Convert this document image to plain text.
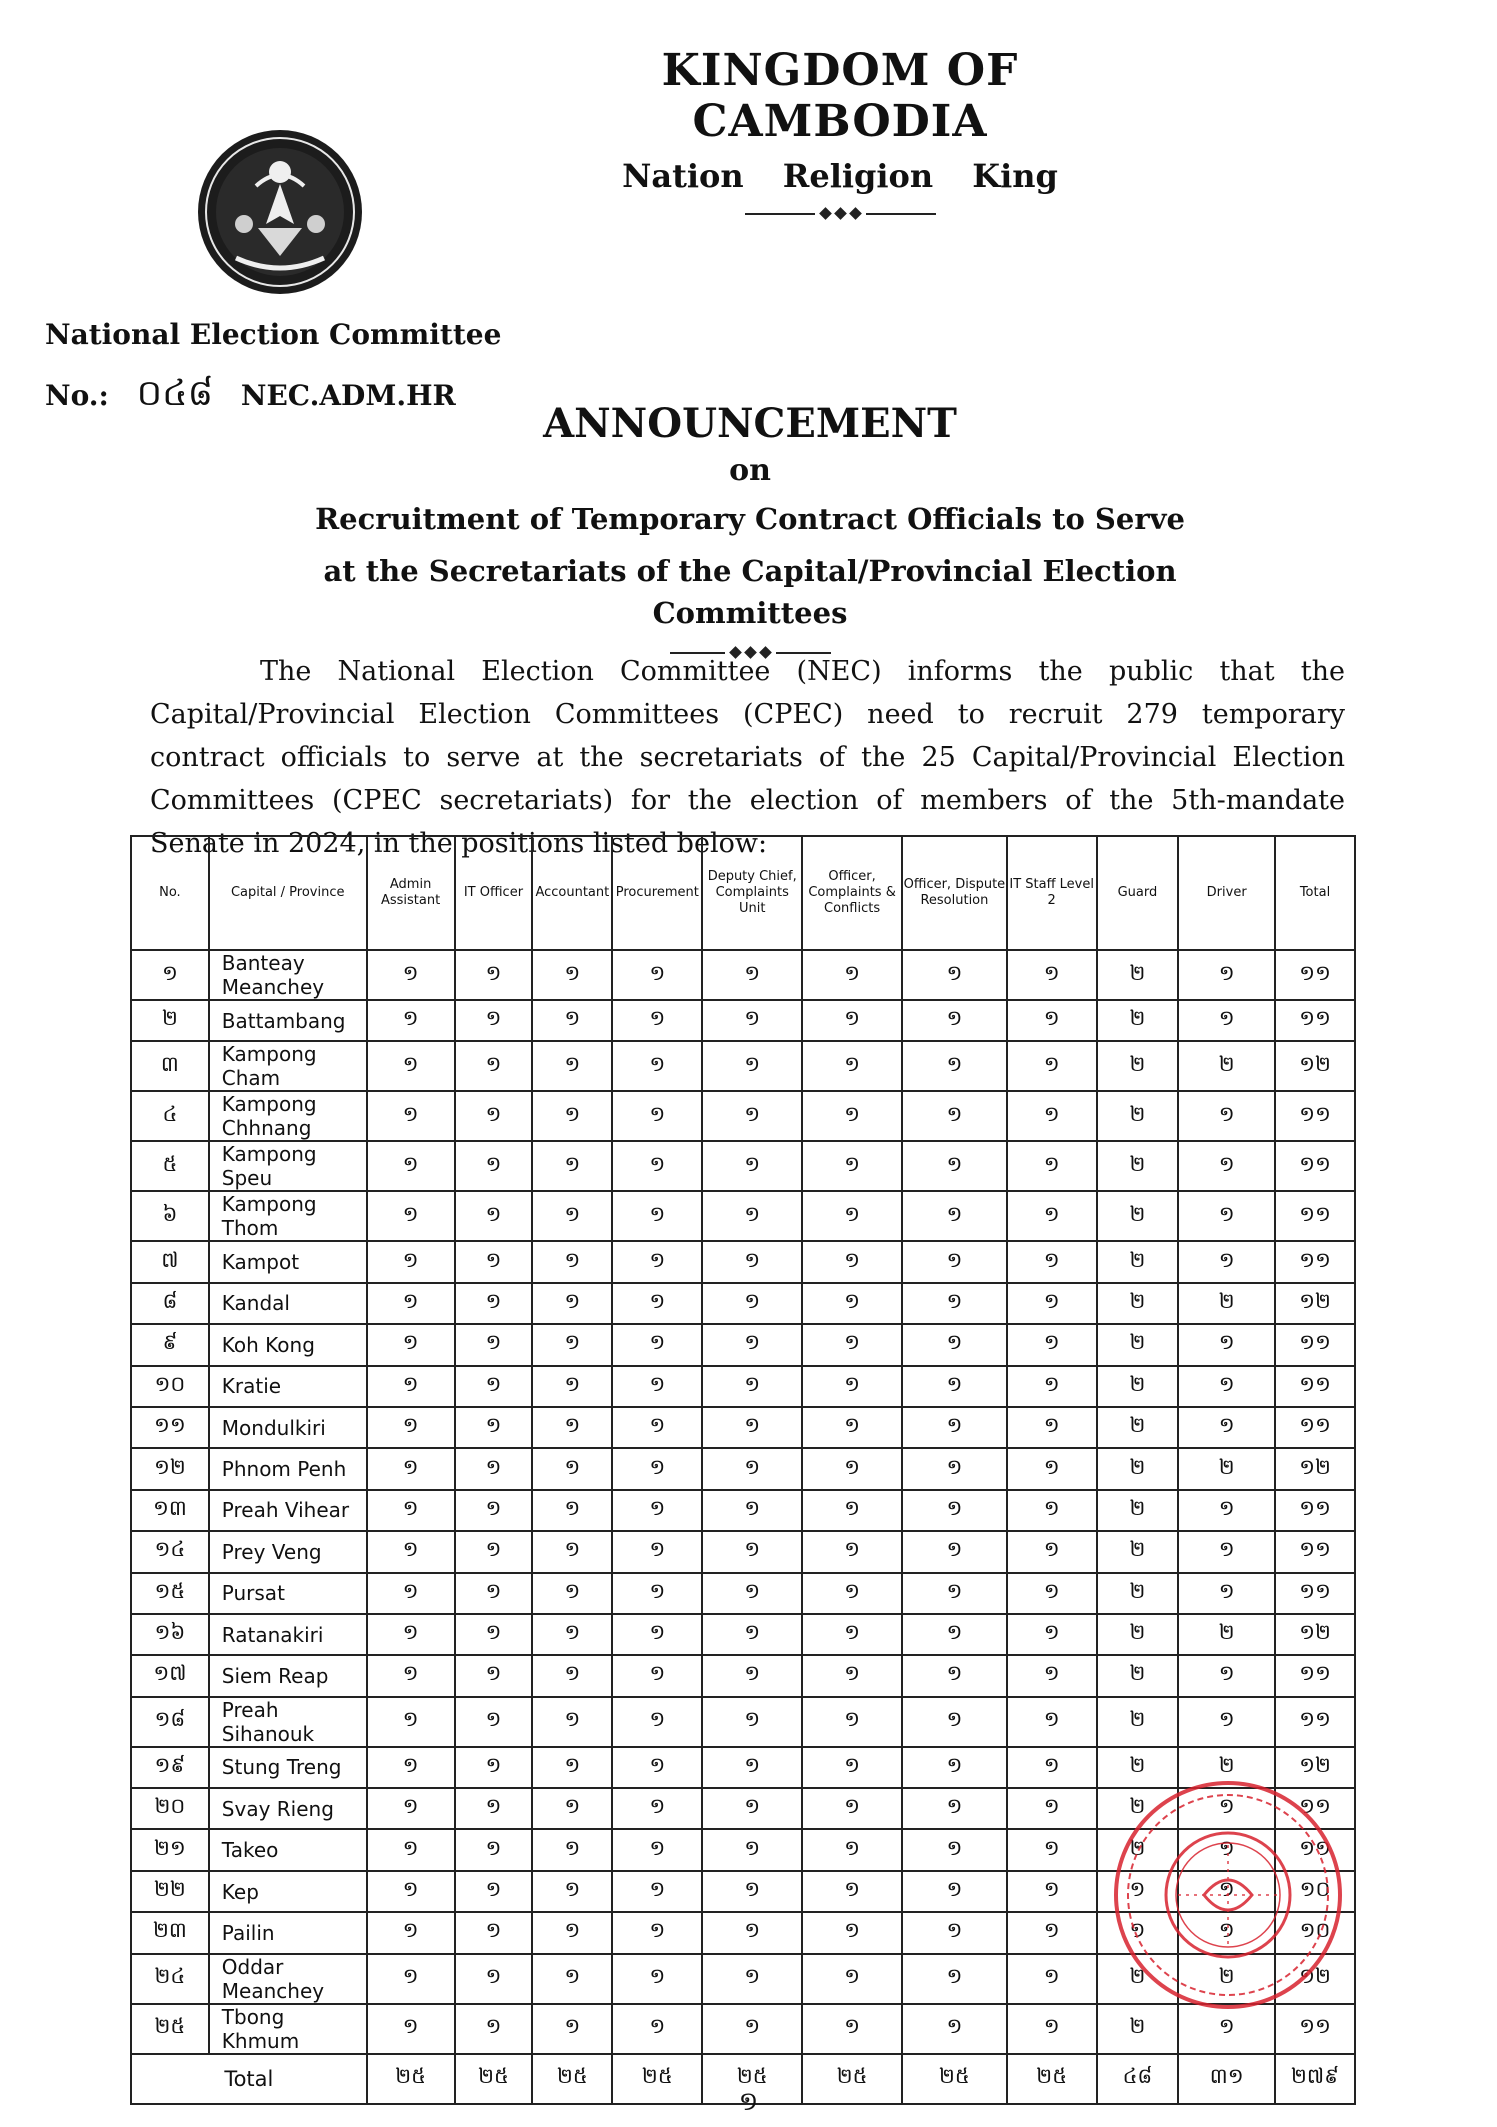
KINGDOM OF CAMBODIA
Nation Religion King
National Election Committee
No.: ០៤៨ NEC.ADM.HR
ANNOUNCEMENT
on
Recruitment of Temporary Contract Officials to Serve
at the Secretariats of the Capital/Provincial Election Committees
The National Election Committee (NEC) informs the public that the Capital/Provincial Election Committees (CPEC) need to recruit 279 temporary contract officials to serve at the secretariats of the 25 Capital/Provincial Election Committees (CPEC secretariats) for the election of members of the 5th-mandate Senate in 2024, in the positions listed below:
No.	Capital / Province	Admin Assistant	IT Officer	Accountant	Procurement	Deputy Chief, Complaints Unit	Officer, Complaints & Conflicts	Officer, Dispute Resolution	IT Staff Level 2	Guard	Driver	Total
១	Banteay Meanchey	១	១	១	១	១	១	១	១	២	១	១១
២	Battambang	១	១	១	១	១	១	១	១	២	១	១១
៣	Kampong Cham	១	១	១	១	១	១	១	១	២	២	១២
៤	Kampong Chhnang	១	១	១	១	១	១	១	១	២	១	១១
៥	Kampong Speu	១	១	១	១	១	១	១	១	២	១	១១
៦	Kampong Thom	១	១	១	១	១	១	១	១	២	១	១១
៧	Kampot	១	១	១	១	១	១	១	១	២	១	១១
៨	Kandal	១	១	១	១	១	១	១	១	២	២	១២
៩	Koh Kong	១	១	១	១	១	១	១	១	២	១	១១
១០	Kratie	១	១	១	១	១	១	១	១	២	១	១១
១១	Mondulkiri	១	១	១	១	១	១	១	១	២	១	១១
១២	Phnom Penh	១	១	១	១	១	១	១	១	២	២	១២
១៣	Preah Vihear	១	១	១	១	១	១	១	១	២	១	១១
១៤	Prey Veng	១	១	១	១	១	១	១	១	២	១	១១
១៥	Pursat	១	១	១	១	១	១	១	១	២	១	១១
១៦	Ratanakiri	១	១	១	១	១	១	១	១	២	២	១២
១៧	Siem Reap	១	១	១	១	១	១	១	១	២	១	១១
១៨	Preah Sihanouk	១	១	១	១	១	១	១	១	២	១	១១
១៩	Stung Treng	១	១	១	១	១	១	១	១	២	២	១២
២០	Svay Rieng	១	១	១	១	១	១	១	១	២	១	១១
២១	Takeo	១	១	១	១	១	១	១	១	២	១	១១
២២	Kep	១	១	១	១	១	១	១	១	១	១	១០
២៣	Pailin	១	១	១	១	១	១	១	១	១	១	១០
២៤	Oddar Meanchey	១	១	១	១	១	១	១	១	២	២	១២
២៥	Tbong Khmum	១	១	១	១	១	១	១	១	២	១	១១
Total		២៥	២៥	២៥	២៥	២៥	២៥	២៥	២៥	៤៨	៣១	២៧៩
១
